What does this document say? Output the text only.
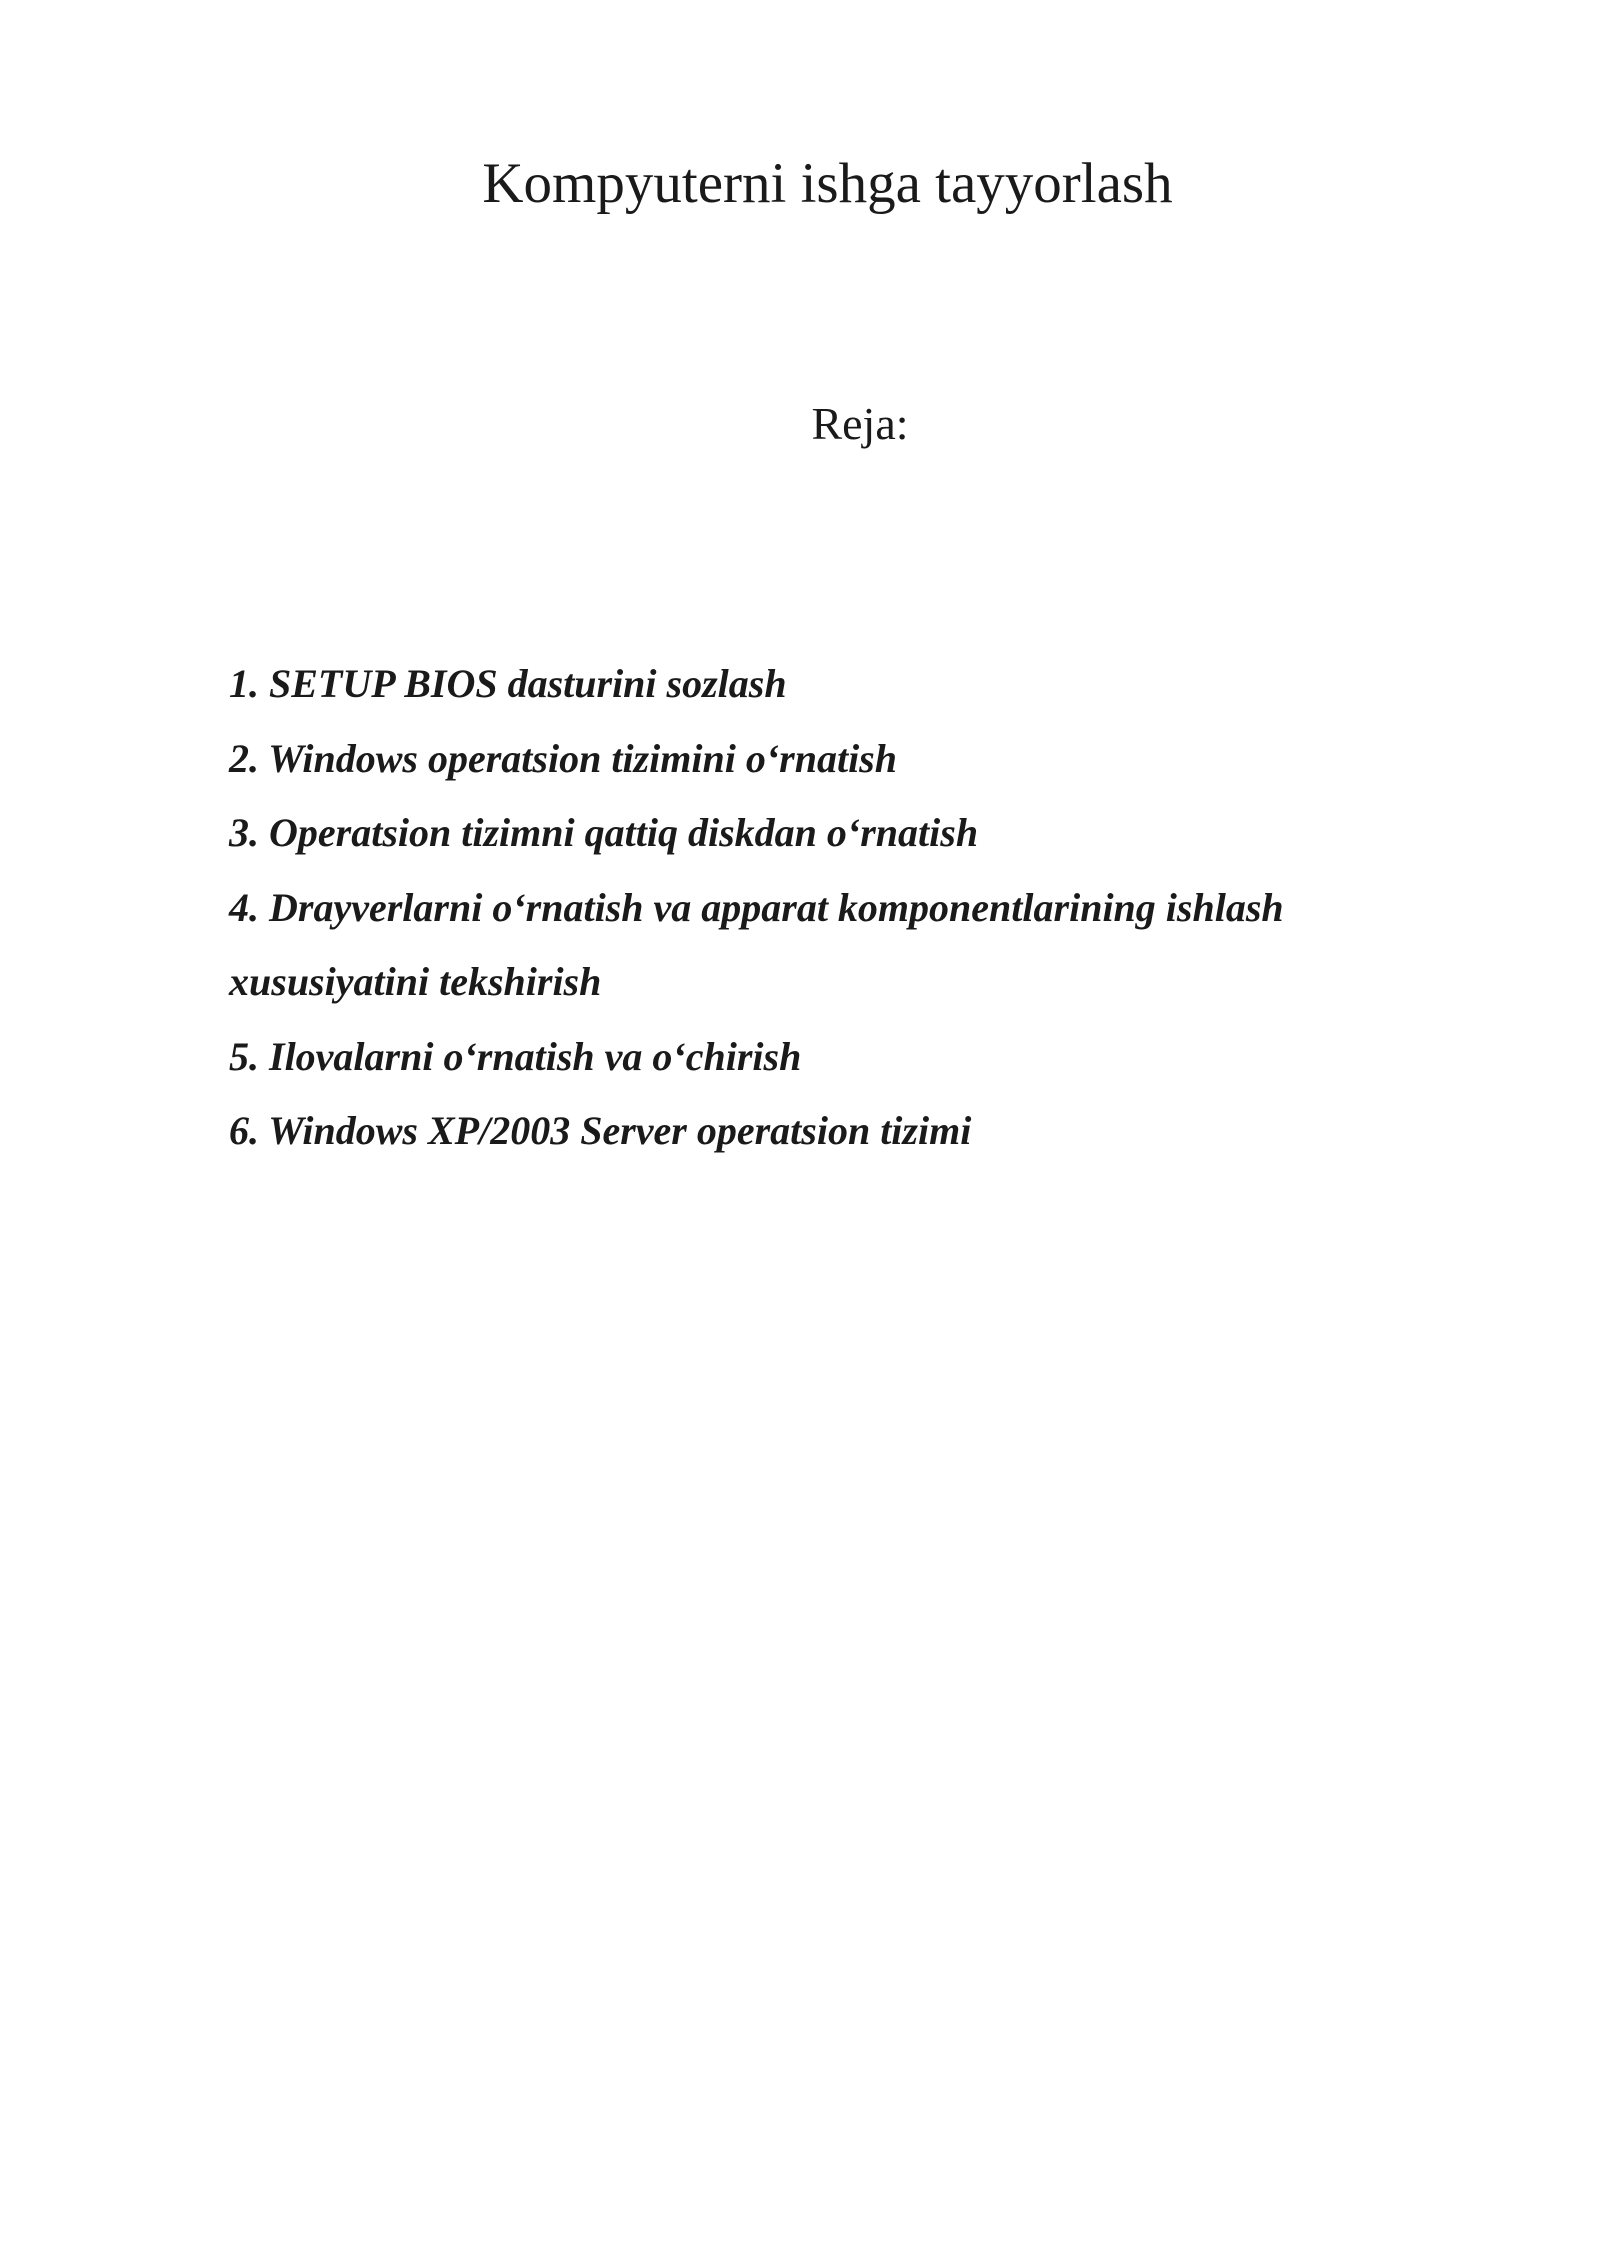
Kompyuterni ishga tayyorlash
Reja:
1. SETUP BIOS dasturini sozlash
2. Windows operatsion tizimini o‘rnatish
3. Operatsion tizimni qattiq diskdan o‘rnatish
4. Drayverlarni o‘rnatish va apparat komponentlarining ishlash
xususiyatini tekshirish
5. Ilovalarni o‘rnatish va o‘chirish
6. Windows XP/2003 Server operatsion tizimi
